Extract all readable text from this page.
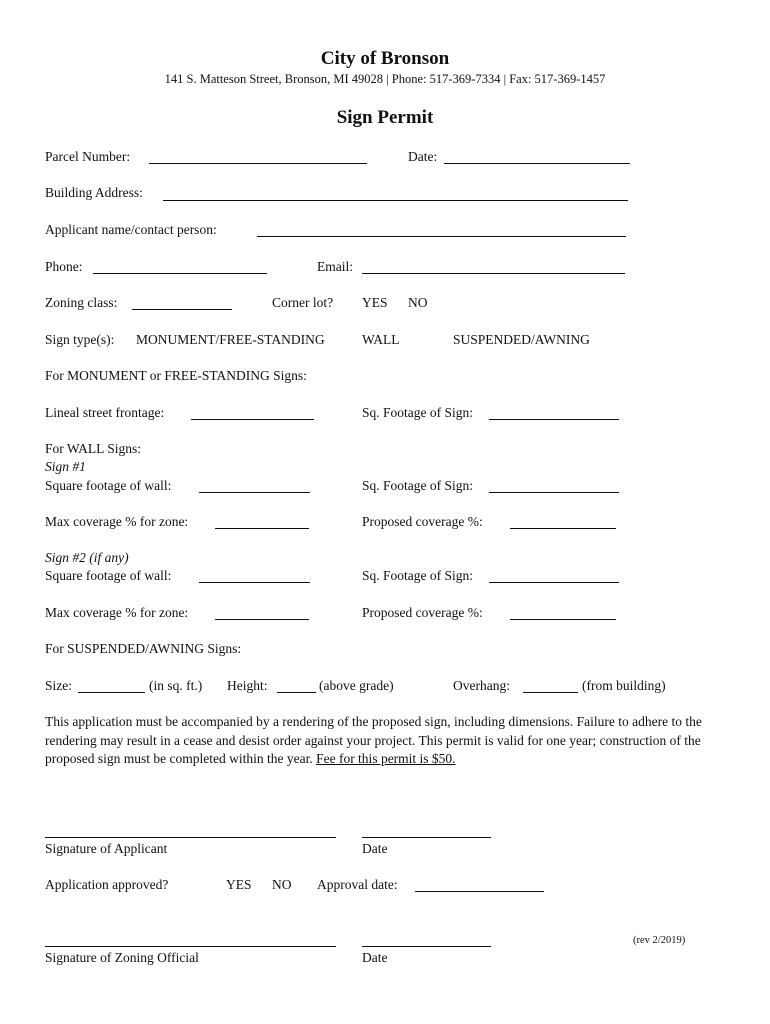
City of Bronson
141 S. Matteson Street, Bronson, MI 49028 | Phone: 517-369-7334 | Fax: 517-369-1457
Sign Permit
Parcel Number:	Date:
Building Address:
Applicant name/contact person:
Phone:	Email:
Zoning class:	Corner lot? YES NO
Sign type(s): MONUMENT/FREE-STANDING	WALL	SUSPENDED/AWNING
For MONUMENT or FREE-STANDING Signs:
Lineal street frontage:	Sq. Footage of Sign:
For WALL Signs:
Sign #1
Square footage of wall:	Sq. Footage of Sign:
Max coverage % for zone:	Proposed coverage %:
Sign #2 (if any)
Square footage of wall:	Sq. Footage of Sign:
Max coverage % for zone:	Proposed coverage %:
For SUSPENDED/AWNING Signs:
Size:	(in sq. ft.) Height:	(above grade)	Overhang:	(from building)
This application must be accompanied by a rendering of the proposed sign, including dimensions. Failure to adhere to the rendering may result in a cease and desist order against your project. This permit is valid for one year; construction of the proposed sign must be completed within the year. Fee for this permit is $50.
Signature of Applicant	Date
Application approved?	YES NO Approval date:
(rev 2/2019)
Signature of Zoning Official	Date
